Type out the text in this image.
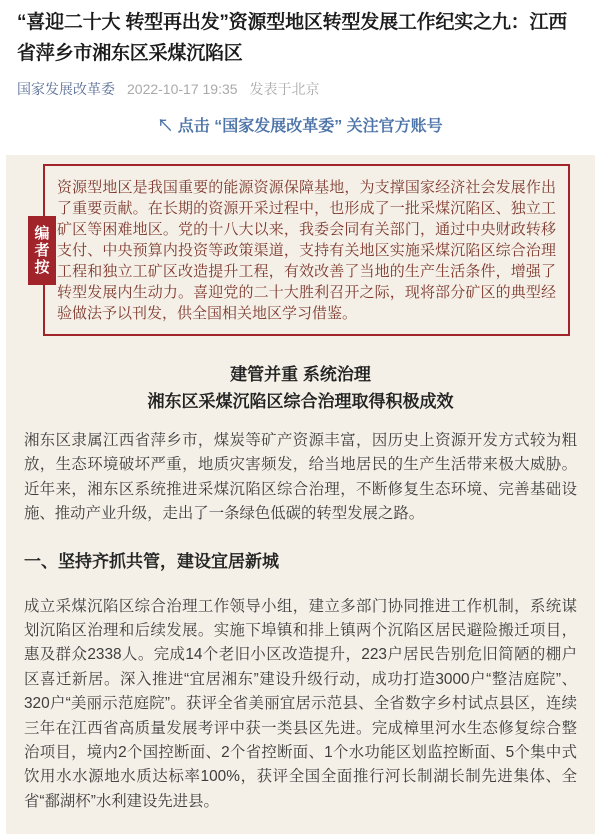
“喜迎二十大 转型再出发”资源型地区转型发展工作纪实之九：江西省萍乡市湘东区采煤沉陷区
国家发展改革委 2022-10-17 19:35 发表于北京
↖ 点击 “国家发展改革委” 关注官方账号
编
者
按

资源型地区是我国重要的能源资源保障基地，为支撑国家经济社会发展作出了重要贡献。在长期的资源开采过程中，也形成了一批采煤沉陷区、独立工矿区等困难地区。党的十八大以来，我委会同有关部门，通过中央财政转移支付、中央预算内投资等政策渠道，支持有关地区实施采煤沉陷区综合治理工程和独立工矿区改造提升工程，有效改善了当地的生产生活条件，增强了转型发展内生动力。喜迎党的二十大胜利召开之际，现将部分矿区的典型经验做法予以刊发，供全国相关地区学习借鉴。

建管并重 系统治理
湘东区采煤沉陷区综合治理取得积极成效

湘东区隶属江西省萍乡市，煤炭等矿产资源丰富，因历史上资源开发方式较为粗放，生态环境破坏严重，地质灾害频发，给当地居民的生产生活带来极大威胁。近年来，湘东区系统推进采煤沉陷区综合治理，不断修复生态环境、完善基础设施、推动产业升级，走出了一条绿色低碳的转型发展之路。

一、坚持齐抓共管，建设宜居新城

成立采煤沉陷区综合治理工作领导小组，建立多部门协同推进工作机制，系统谋划沉陷区治理和后续发展。实施下埠镇和排上镇两个沉陷区居民避险搬迁项目，惠及群众2338人。完成14个老旧小区改造提升，223户居民告别危旧简陋的棚户区喜迁新居。深入推进“宜居湘东”建设升级行动，成功打造3000户“整洁庭院”、320户“美丽示范庭院”。获评全省美丽宜居示范县、全省数字乡村试点县区，连续三年在江西省高质量发展考评中获一类县区先进。完成樟里河水生态修复综合整治项目，境内2个国控断面、2个省控断面、1个水功能区划监控断面、5个集中式饮用水水源地水质达标率100%，获评全国全面推行河长制湖长制先进集体、全省“鄱湖杯”水利建设先进县。
